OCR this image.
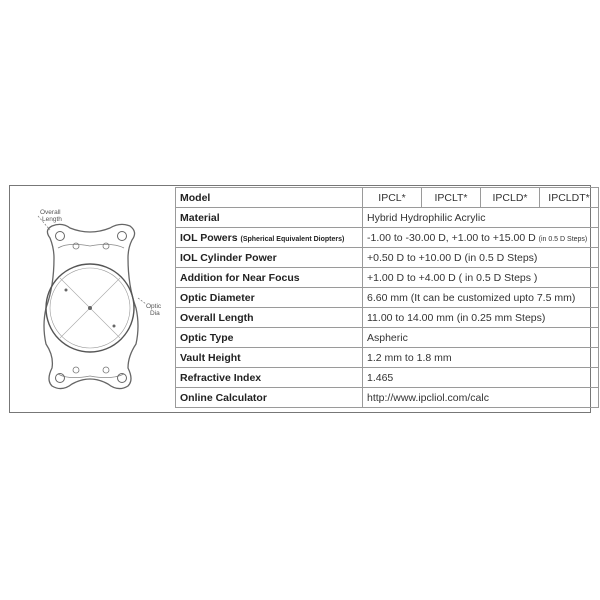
Overall
Length
Optic
Dia
Model	IPCL*	IPCLT*	IPCLD*	IPCLDT*
Material	Hybrid Hydrophilic Acrylic			
IOL Powers (Spherical Equivalent Diopters)	-1.00 to -30.00 D, +1.00 to +15.00 D (in 0.5 D Steps)			
IOL Cylinder Power	+0.50 D to +10.00 D (in 0.5 D Steps)			
Addition for Near Focus	+1.00 D to +4.00 D ( in 0.5 D Steps )			
Optic Diameter	6.60 mm (It can be customized upto 7.5 mm)			
Overall Length	11.00 to 14.00 mm (in 0.25 mm Steps)			
Optic Type	Aspheric			
Vault Height	1.2 mm to 1.8 mm			
Refractive Index	1.465			
Online Calculator	http://www.ipcliol.com/calc			
